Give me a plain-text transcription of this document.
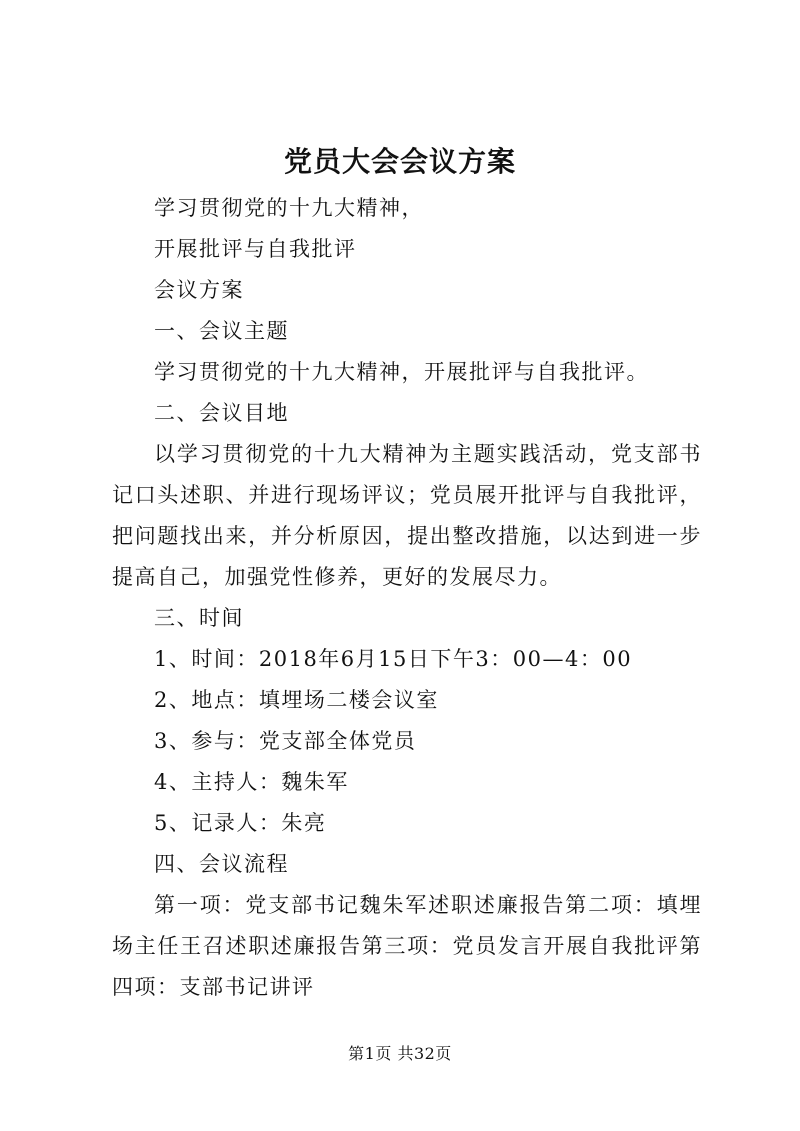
党员大会会议方案

学习贯彻党的十九大精神，

开展批评与自我批评

会议方案

一、会议主题

学习贯彻党的十九大精神，开展批评与自我批评。

二、会议目地

以学习贯彻党的十九大精神为主题实践活动，党支部书记口头述职、并进行现场评议；党员展开批评与自我批评，把问题找出来，并分析原因，提出整改措施，以达到进一步提高自己，加强党性修养，更好的发展尽力。

三、时间

1、时间：2018年6月15日下午3：00—4：00

2、地点：填埋场二楼会议室

3、参与：党支部全体党员

4、主持人：魏朱军

5、记录人：朱亮

四、会议流程

第一项：党支部书记魏朱军述职述廉报告第二项：填埋场主任王召述职述廉报告第三项：党员发言开展自我批评第四项：支部书记讲评

第1页 共32页
